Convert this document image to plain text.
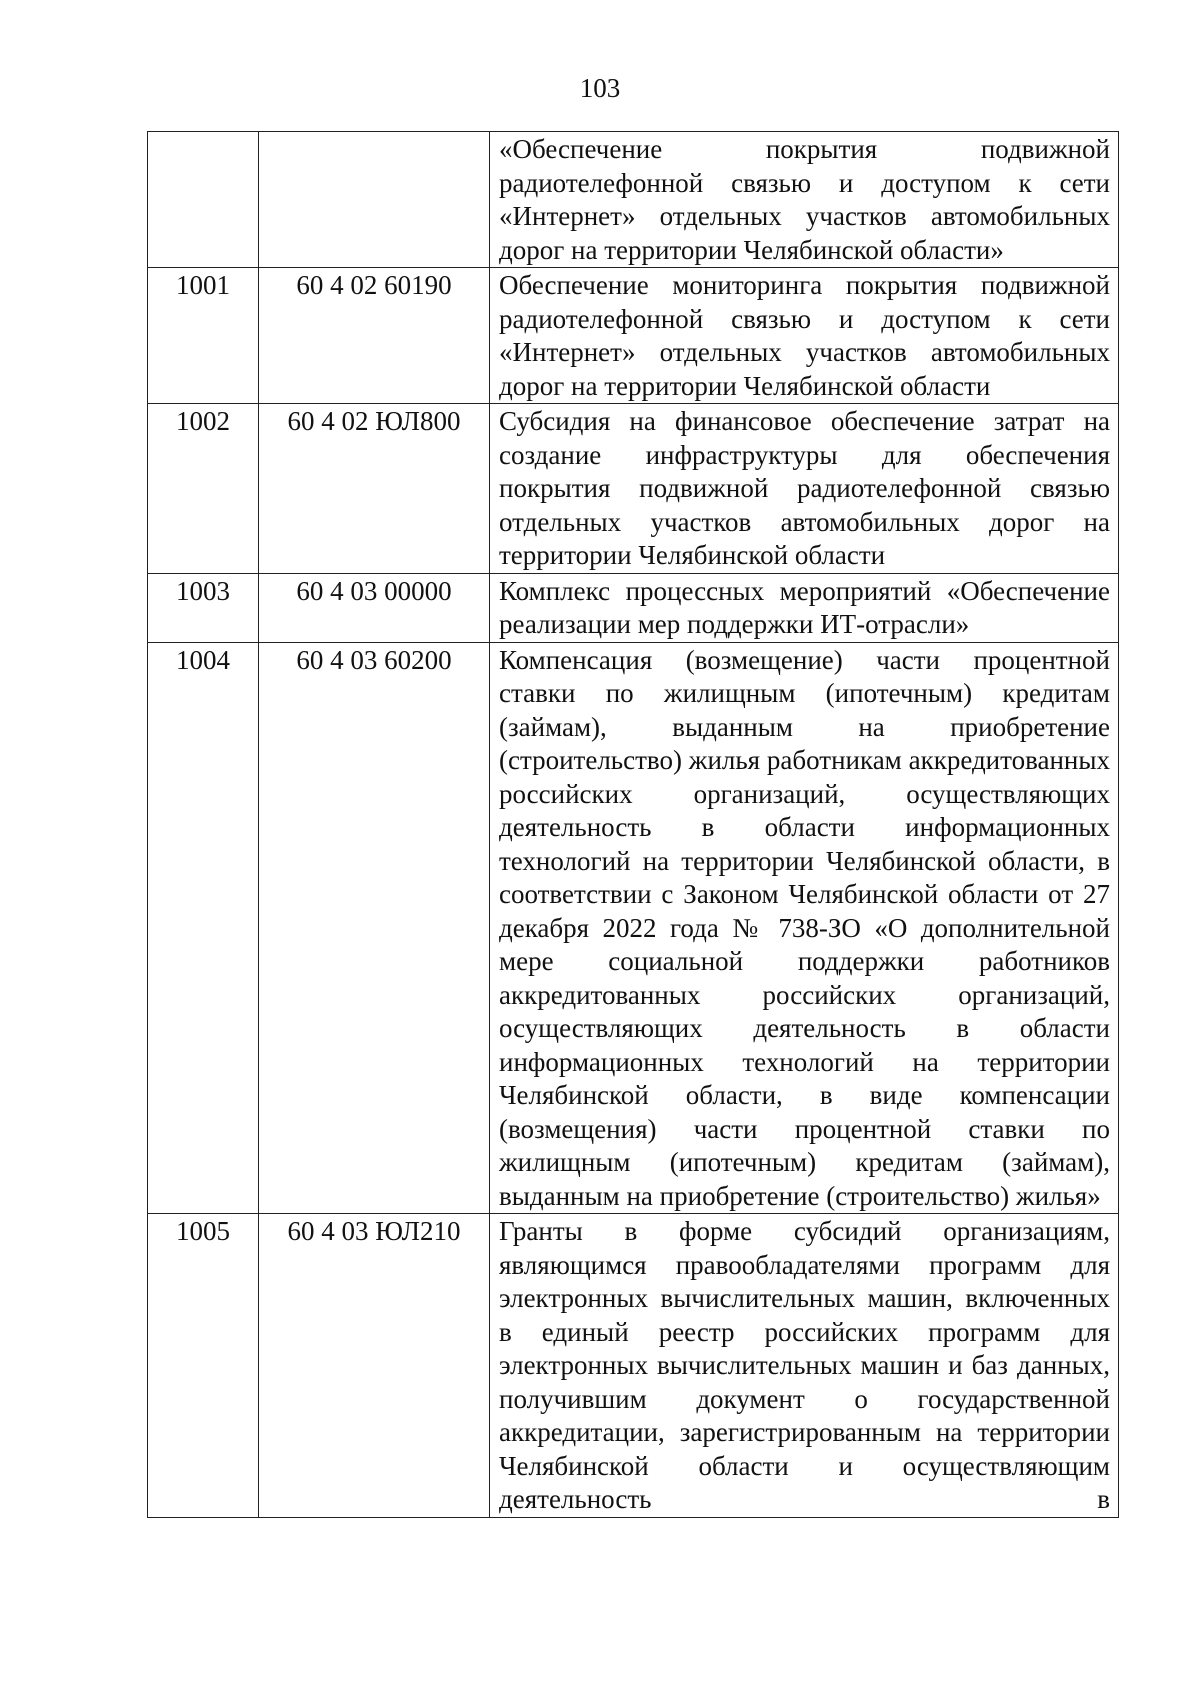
103
		«Обеспечение покрытия подвижной радиотелефонной связью и доступом к сети «Интернет» отдельных участков автомобильных дорог на территории Челябинской области»
1001	60 4 02 60190	Обеспечение мониторинга покрытия подвижной радиотелефонной связью и доступом к сети «Интернет» отдельных участков автомобильных дорог на территории Челябинской области
1002	60 4 02 ЮЛ800	Субсидия на финансовое обеспечение затрат на создание инфраструктуры для обеспечения покрытия подвижной радиотелефонной связью отдельных участков автомобильных дорог на территории Челябинской области
1003	60 4 03 00000	Комплекс процессных мероприятий «Обеспечение реализации мер поддержки ИТ-отрасли»
1004	60 4 03 60200	Компенсация (возмещение) части процентной ставки по жилищным (ипотечным) кредитам (займам), выданным на приобретение (строительство) жилья работникам аккредитованных российских организаций, осуществляющих деятельность в области информационных технологий на территории Челябинской области, в соответствии с Законом Челябинской области от 27 декабря 2022 года № 738-ЗО «О дополнительной мере социальной поддержки работников аккредитованных российских организаций, осуществляющих деятельность в области информационных технологий на территории Челябинской области, в виде компенсации (возмещения) части процентной ставки по жилищным (ипотечным) кредитам (займам), выданным на приобретение (строительство) жилья»
1005	60 4 03 ЮЛ210	Гранты в форме субсидий организациям, являющимся правообладателями программ для электронных вычислительных машин, включенных в единый реестр российских программ для электронных вычислительных машин и баз данных, получившим документ о государственной аккредитации, зарегистрированным на территории Челябинской области и осуществляющим деятельность в
